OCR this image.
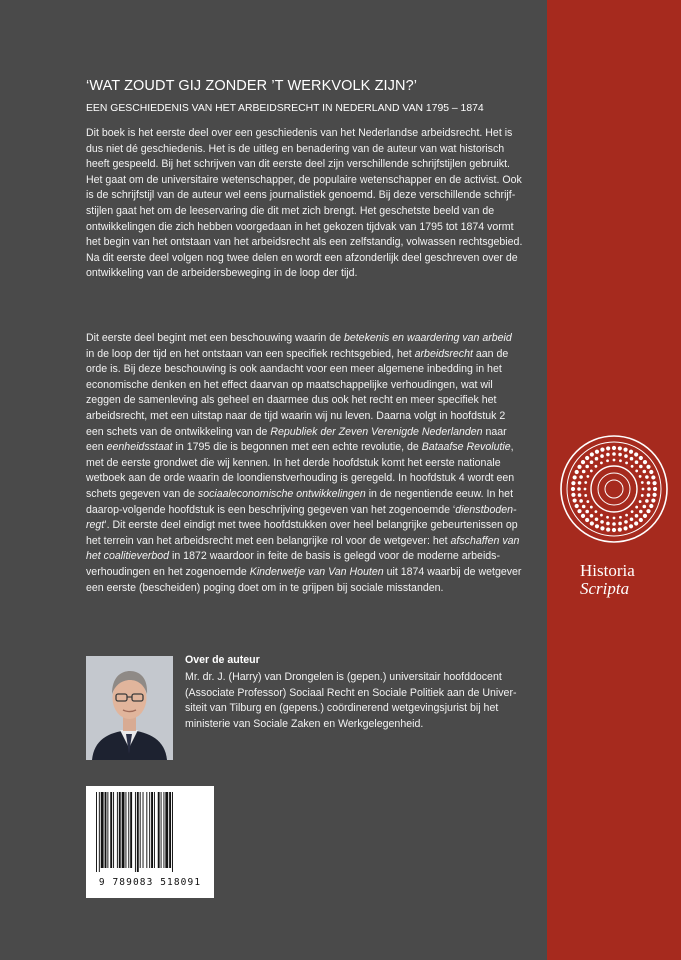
‘WAT ZOUDT GIJ ZONDER ’T WERKVOLK ZIJN?’
EEN GESCHIEDENIS VAN HET ARBEIDSRECHT IN NEDERLAND VAN 1795 – 1874
Dit boek is het eerste deel over een geschiedenis van het Nederlandse arbeidsrecht. Het is
dus niet dé geschiedenis. Het is de uitleg en benadering van de auteur van wat historisch
heeft gespeeld. Bij het schrijven van dit eerste deel zijn verschillende schrijfstijlen gebruikt.
Het gaat om de universitaire wetenschapper, de populaire wetenschapper en de activist. Ook
is de schrijfstijl van de auteur wel eens journalistiek genoemd. Bij deze verschillende schrijf-
stijlen gaat het om de leeservaring die dit met zich brengt. Het geschetste beeld van de
ontwikkelingen die zich hebben voorgedaan in het gekozen tijdvak van 1795 tot 1874 vormt
het begin van het ontstaan van het arbeidsrecht als een zelfstandig, volwassen rechtsgebied.
Na dit eerste deel volgen nog twee delen en wordt een afzonderlijk deel geschreven over de
ontwikkeling van de arbeidersbeweging in de loop der tijd.
Dit eerste deel begint met een beschouwing waarin de betekenis en waardering van arbeid
in de loop der tijd en het ontstaan van een specifiek rechtsgebied, het arbeidsrecht aan de
orde is. Bij deze beschouwing is ook aandacht voor een meer algemene inbedding in het
economische denken en het effect daarvan op maatschappelijke verhoudingen, wat wil
zeggen de samenleving als geheel en daarmee dus ook het recht en meer specifiek het
arbeidsrecht, met een uitstap naar de tijd waarin wij nu leven. Daarna volgt in hoofdstuk 2
een schets van de ontwikkeling van de Republiek der Zeven Verenigde Nederlanden naar
een eenheidsstaat in 1795 die is begonnen met een echte revolutie, de Bataafse Revolutie,
met de eerste grondwet die wij kennen. In het derde hoofdstuk komt het eerste nationale
wetboek aan de orde waarin de loondienstverhouding is geregeld. In hoofdstuk 4 wordt een
schets gegeven van de sociaaleconomische ontwikkelingen in de negentiende eeuw. In het
daarop-volgende hoofdstuk is een beschrijving gegeven van het zogenoemde ‘dienstboden-
regt’. Dit eerste deel eindigt met twee hoofdstukken over heel belangrijke gebeurtenissen op
het terrein van het arbeidsrecht met een belangrijke rol voor de wetgever: het afschaffen van
het coalitieverbod in 1872 waardoor in feite de basis is gelegd voor de moderne arbeids-
verhoudingen en het zogenoemde Kinderwetje van Van Houten uit 1874 waarbij de wetgever
een eerste (bescheiden) poging doet om in te grijpen bij sociale misstanden.
Over de auteur
Mr. dr. J. (Harry) van Drongelen is (gepen.) universitair hoofddocent
(Associate Professor) Sociaal Recht en Sociale Politiek aan de Univer-
siteit van Tilburg en (gepens.) coördinerend wetgevingsjurist bij het
ministerie van Sociale Zaken en Werkgelegenheid.
9 789083 518091
Historia
Scripta
